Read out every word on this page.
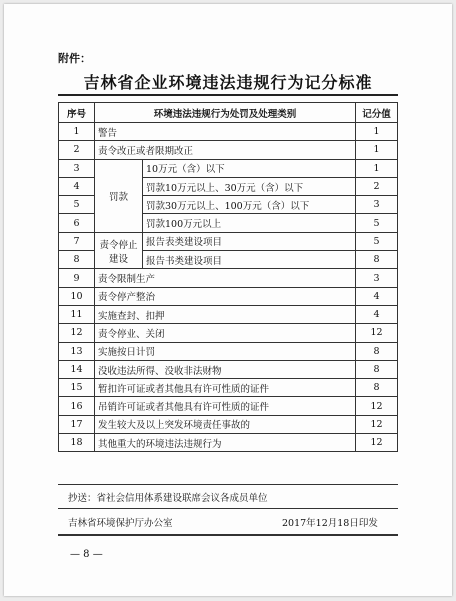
附件：
吉林省企业环境违法违规行为记分标准
序号	环境违法违规行为处罚及处理类别		记分值
1	警告		1
2	责令改正或者限期改正		1
3	罚款	10万元（含）以下	1
4		罚款10万元以上、30万元（含）以下	2
5		罚款30万元以上、100万元（含）以下	3
6		罚款100万元以上	5
7	责令停止建设	报告表类建设项目	5
8		报告书类建设项目	8
9	责令限制生产		3
10	责令停产整治		4
11	实施查封、扣押		4
12	责令停业、关闭		12
13	实施按日计罚		8
14	没收违法所得、没收非法财物		8
15	暂扣许可证或者其他具有许可性质的证件		8
16	吊销许可证或者其他具有许可性质的证件		12
17	发生较大及以上突发环境责任事故的		12
18	其他重大的环境违法违规行为		12
抄送：省社会信用体系建设联席会议各成员单位
吉林省环境保护厅办公室	2017年12月18日印发
— 8 —
